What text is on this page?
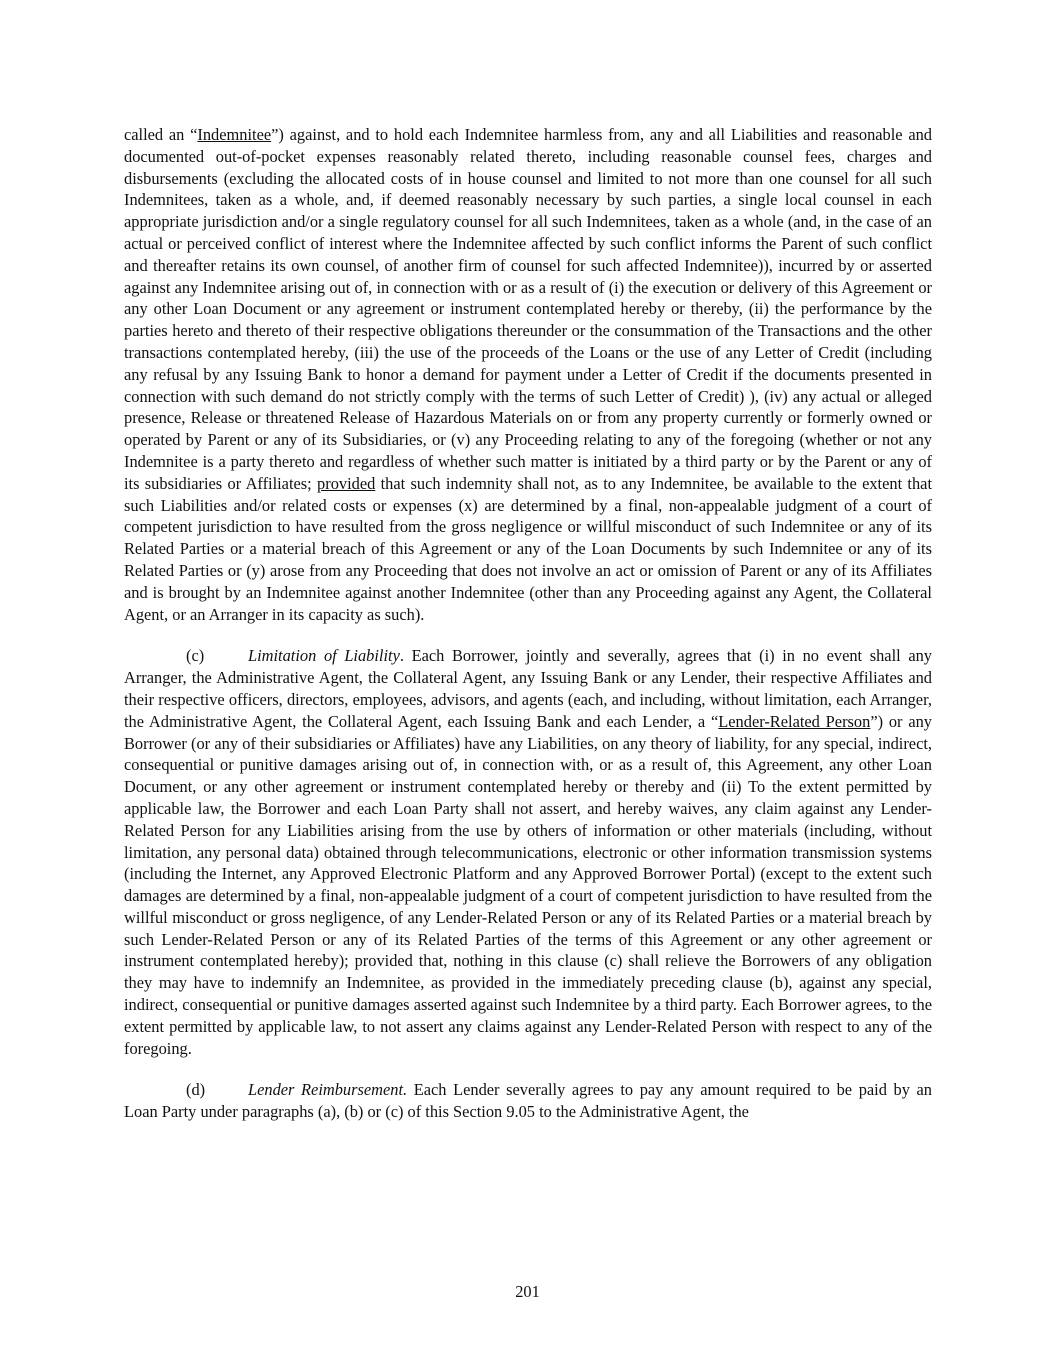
called an “Indemnitee”) against, and to hold each Indemnitee harmless from, any and all Liabilities and reasonable and documented out-of-pocket expenses reasonably related thereto, including reasonable counsel fees, charges and disbursements (excluding the allocated costs of in house counsel and limited to not more than one counsel for all such Indemnitees, taken as a whole, and, if deemed reasonably necessary by such parties, a single local counsel in each appropriate jurisdiction and/or a single regulatory counsel for all such Indemnitees, taken as a whole (and, in the case of an actual or perceived conflict of interest where the Indemnitee affected by such conflict informs the Parent of such conflict and thereafter retains its own counsel, of another firm of counsel for such affected Indemnitee)), incurred by or asserted against any Indemnitee arising out of, in connection with or as a result of (i) the execution or delivery of this Agreement or any other Loan Document or any agreement or instrument contemplated hereby or thereby, (ii) the performance by the parties hereto and thereto of their respective obligations thereunder or the consummation of the Transactions and the other transactions contemplated hereby, (iii) the use of the proceeds of the Loans or the use of any Letter of Credit (including any refusal by any Issuing Bank to honor a demand for payment under a Letter of Credit if the documents presented in connection with such demand do not strictly comply with the terms of such Letter of Credit) ), (iv) any actual or alleged presence, Release or threatened Release of Hazardous Materials on or from any property currently or formerly owned or operated by Parent or any of its Subsidiaries, or (v) any Proceeding relating to any of the foregoing (whether or not any Indemnitee is a party thereto and regardless of whether such matter is initiated by a third party or by the Parent or any of its subsidiaries or Affiliates; provided that such indemnity shall not, as to any Indemnitee, be available to the extent that such Liabilities and/or related costs or expenses (x) are determined by a final, non-appealable judgment of a court of competent jurisdiction to have resulted from the gross negligence or willful misconduct of such Indemnitee or any of its Related Parties or a material breach of this Agreement or any of the Loan Documents by such Indemnitee or any of its Related Parties or (y) arose from any Proceeding that does not involve an act or omission of Parent or any of its Affiliates and is brought by an Indemnitee against another Indemnitee (other than any Proceeding against any Agent, the Collateral Agent, or an Arranger in its capacity as such).

(c)	Limitation of Liability. Each Borrower, jointly and severally, agrees that (i) in no event shall any Arranger, the Administrative Agent, the Collateral Agent, any Issuing Bank or any Lender, their respective Affiliates and their respective officers, directors, employees, advisors, and agents (each, and including, without limitation, each Arranger, the Administrative Agent, the Collateral Agent, each Issuing Bank and each Lender, a “Lender-Related Person”) or any Borrower (or any of their subsidiaries or Affiliates) have any Liabilities, on any theory of liability, for any special, indirect, consequential or punitive damages arising out of, in connection with, or as a result of, this Agreement, any other Loan Document, or any other agreement or instrument contemplated hereby or thereby and (ii) To the extent permitted by applicable law, the Borrower and each Loan Party shall not assert, and hereby waives, any claim against any Lender-Related Person for any Liabilities arising from the use by others of information or other materials (including, without limitation, any personal data) obtained through telecommunications, electronic or other information transmission systems (including the Internet, any Approved Electronic Platform and any Approved Borrower Portal) (except to the extent such damages are determined by a final, non-appealable judgment of a court of competent jurisdiction to have resulted from the willful misconduct or gross negligence, of any Lender-Related Person or any of its Related Parties or a material breach by such Lender-Related Person or any of its Related Parties of the terms of this Agreement or any other agreement or instrument contemplated hereby); provided that, nothing in this clause (c) shall relieve the Borrowers of any obligation they may have to indemnify an Indemnitee, as provided in the immediately preceding clause (b), against any special, indirect, consequential or punitive damages asserted against such Indemnitee by a third party. Each Borrower agrees, to the extent permitted by applicable law, to not assert any claims against any Lender-Related Person with respect to any of the foregoing.

(d)	Lender Reimbursement. Each Lender severally agrees to pay any amount required to be paid by an Loan Party under paragraphs (a), (b) or (c) of this Section 9.05 to the Administrative Agent, the

201
